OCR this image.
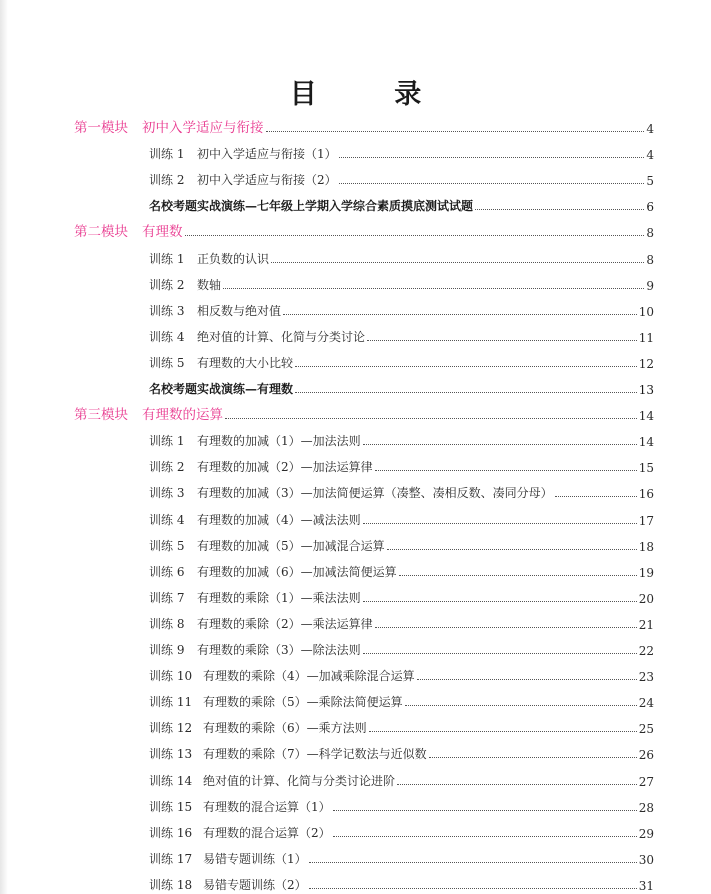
目 录
第一模块 初中入学适应与衔接	4
训练 1 初中入学适应与衔接（1）	4
训练 2 初中入学适应与衔接（2）	5
名校考题实战演练—七年级上学期入学综合素质摸底测试试题	6
第二模块 有理数	8
训练 1 正负数的认识	8
训练 2 数轴	9
训练 3 相反数与绝对值	10
训练 4 绝对值的计算、化简与分类讨论	11
训练 5 有理数的大小比较	12
名校考题实战演练—有理数	13
第三模块 有理数的运算	14
训练 1 有理数的加减（1）—加法法则	14
训练 2 有理数的加减（2）—加法运算律	15
训练 3 有理数的加减（3）—加法简便运算（凑整、凑相反数、凑同分母）	16
训练 4 有理数的加减（4）—减法法则	17
训练 5 有理数的加减（5）—加减混合运算	18
训练 6 有理数的加减（6）—加减法简便运算	19
训练 7 有理数的乘除（1）—乘法法则	20
训练 8 有理数的乘除（2）—乘法运算律	21
训练 9 有理数的乘除（3）—除法法则	22
训练 10 有理数的乘除（4）—加减乘除混合运算	23
训练 11 有理数的乘除（5）—乘除法简便运算	24
训练 12 有理数的乘除（6）—乘方法则	25
训练 13 有理数的乘除（7）—科学记数法与近似数	26
训练 14 绝对值的计算、化简与分类讨论进阶	27
训练 15 有理数的混合运算（1）	28
训练 16 有理数的混合运算（2）	29
训练 17 易错专题训练（1）	30
训练 18 易错专题训练（2）	31
